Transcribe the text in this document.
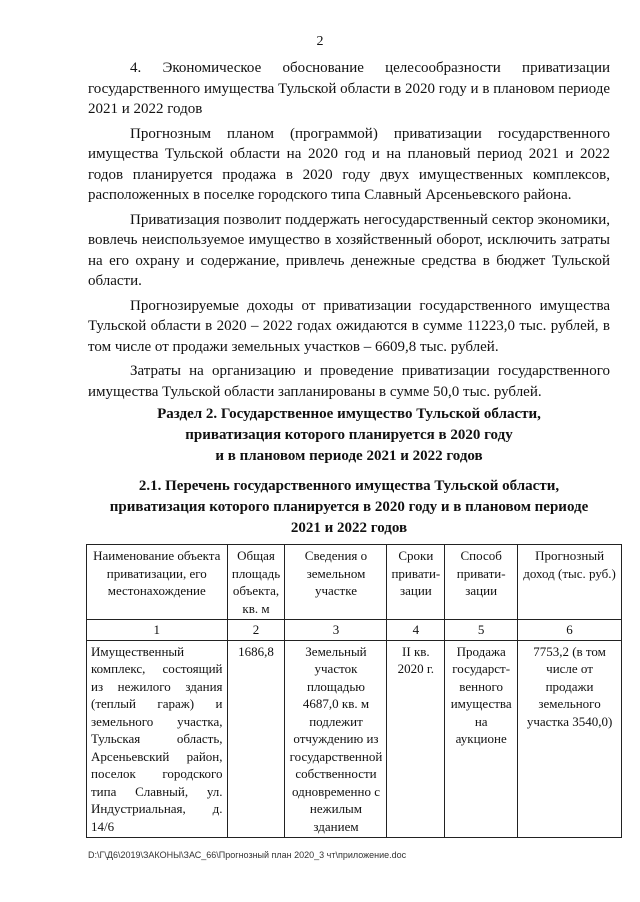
2

4. Экономическое обоснование целесообразности приватизации государственного имущества Тульской области в 2020 году и в плановом периоде 2021 и 2022 годов

Прогнозным планом (программой) приватизации государственного имущества Тульской области на 2020 год и на плановый период 2021 и 2022 годов планируется продажа в 2020 году двух имущественных комплексов, расположенных в поселке городского типа Славный Арсеньевского района.

Приватизация позволит поддержать негосударственный сектор экономики, вовлечь неиспользуемое имущество в хозяйственный оборот, исключить затраты на его охрану и содержание, привлечь денежные средства в бюджет Тульской области.

Прогнозируемые доходы от приватизации государственного имущества Тульской области в 2020 – 2022 годах ожидаются в сумме 11223,0 тыс. рублей, в том числе от продажи земельных участков – 6609,8 тыс. рублей.

Затраты на организацию и проведение приватизации государственного имущества Тульской области запланированы в сумме 50,0 тыс. рублей.

Раздел 2. Государственное имущество Тульской области,
приватизация которого планируется в 2020 году
и в плановом периоде 2021 и 2022 годов
2.1. Перечень государственного имущества Тульской области,
приватизация которого планируется в 2020 году и в плановом периоде
2021 и 2022 годов
Наименование объекта приватизации, его местонахождение	Общая площадь объекта, кв. м	Сведения о земельном участке	Сроки привати-зации	Способ привати-зации	Прогнозный доход (тыс. руб.)
1	2	3	4	5	6
Имущественный комплекс, состоящий из нежилого здания (теплый гараж) и земельного участка, Тульская область, Арсеньевский район, поселок городского типа Славный, ул. Индустриальная, д. 14/6	1686,8	Земельный участок площадью 4687,0 кв. м подлежит отчуждению из государственной собственности одновременно с нежилым зданием	II кв. 2020 г.	Продажа государст-венного имущества на аукционе	7753,2 (в том числе от продажи земельного участка 3540,0)
D:\Г\Д6\2019\ЗАКОНЫ\ЗАС_66\Прогнозный план 2020_3 чт\приложение.doc
